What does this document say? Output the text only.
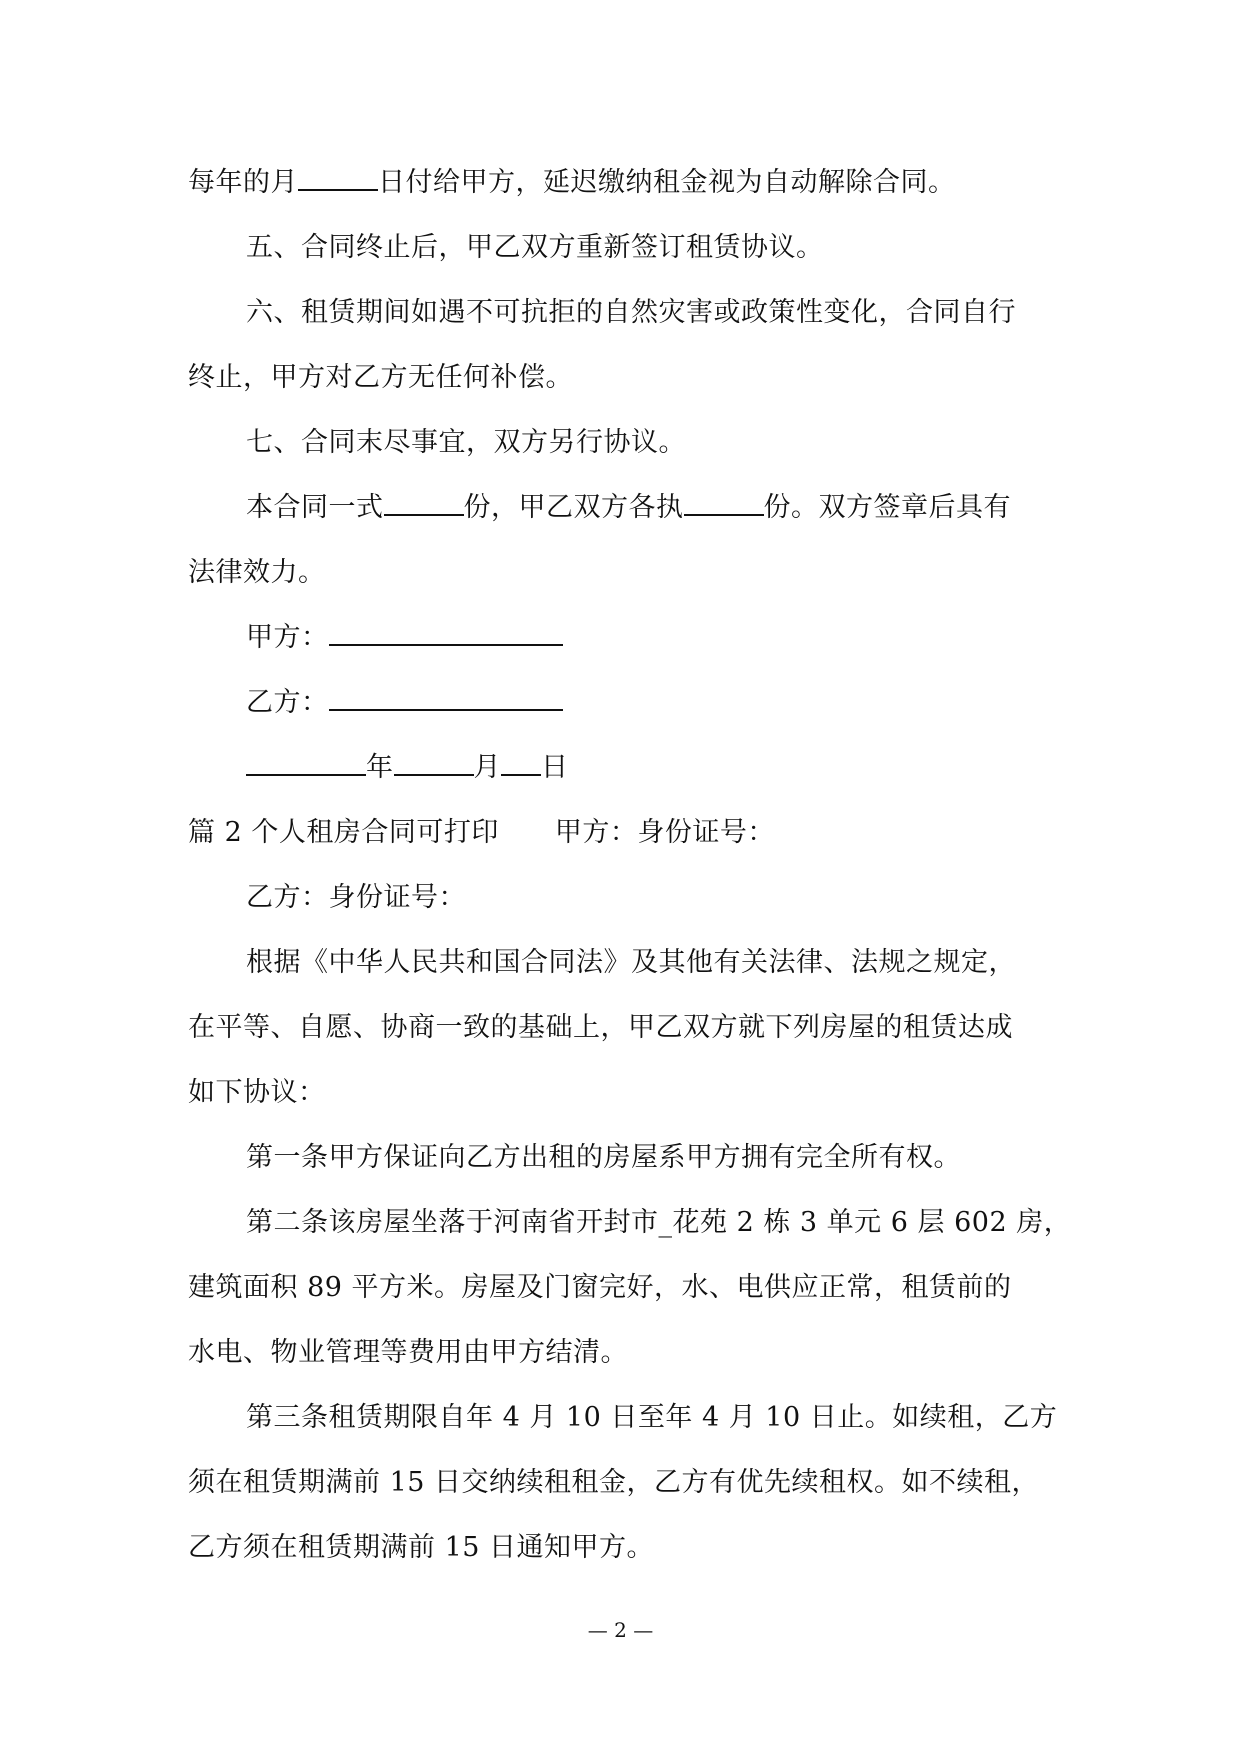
每年的月	日付给甲方，延迟缴纳租金视为自动解除合同。
五、合同终止后，甲乙双方重新签订租赁协议。
六、租赁期间如遇不可抗拒的自然灾害或政策性变化，合同自行
终止，甲方对乙方无任何补偿。
七、合同末尽事宜，双方另行协议。
本合同一式	份，甲乙双方各执	份。双方签章后具有
法律效力。
甲方：
乙方：
年	月 日
篇 2 个人租房合同可打印 甲方：身份证号：
乙方：身份证号：
根据《中华人民共和国合同法》及其他有关法律、法规之规定，
在平等、自愿、协商一致的基础上，甲乙双方就下列房屋的租赁达成
如下协议：
第一条甲方保证向乙方出租的房屋系甲方拥有完全所有权。
第二条该房屋坐落于河南省开封市_花苑 2 栋 3 单元 6 层 602 房，
建筑面积 89 平方米。房屋及门窗完好，水、电供应正常，租赁前的
水电、物业管理等费用由甲方结清。
第三条租赁期限自年 4 月 10 日至年 4 月 10 日止。如续租，乙方
须在租赁期满前 15 日交纳续租租金，乙方有优先续租权。如不续租，
乙方须在租赁期满前 15 日通知甲方。
— 2 —
